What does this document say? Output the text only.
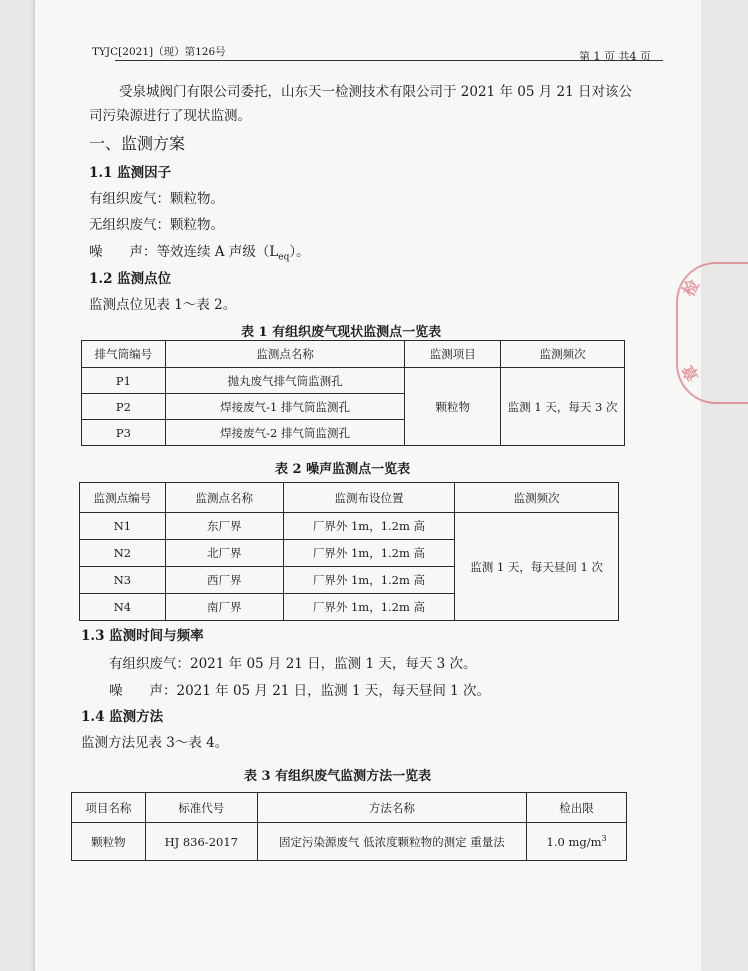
TYJC[2021]（现）第126号	第 1 页 共4 页
受泉城阀门有限公司委托，山东天一检测技术有限公司于 2021 年 05 月 21 日对该公
司污染源进行了现状监测。
一、监测方案
1.1 监测因子
有组织废气：颗粒物。
无组织废气：颗粒物。
噪　　声：等效连续 A 声级$(L_{eq})$。
1.2 监测点位
监测点位见表 1～表 2。
表 1 有组织废气现状监测点一览表
排气筒编号	监测点名称	监测项目	监测频次
P1	抛丸废气排气筒监测孔	颗粒物	监测 1 天，每天 3 次
P2	焊接废气-1 排气筒监测孔		
P3	焊接废气-2 排气筒监测孔		
表 2 噪声监测点一览表
监测点编号	监测点名称	监测布设位置	监测频次
N1	东厂界	厂界外 1m，1.2m 高	监测 1 天，每天昼间 1 次
N2	北厂界	厂界外 1m，1.2m 高	
N3	西厂界	厂界外 1m，1.2m 高	
N4	南厂界	厂界外 1m，1.2m 高	
1.3 监测时间与频率
有组织废气：2021 年 05 月 21 日，监测 1 天，每天 3 次。
噪　　声：2021 年 05 月 21 日，监测 1 天，每天昼间 1 次。
1.4 监测方法
监测方法见表 3～表 4。
表 3 有组织废气监测方法一览表
项目名称	标准代号	方法名称	检出限
颗粒物	HJ 836-2017	固定污染源废气 低浓度颗粒物的测定 重量法	1.0 $mg/m^3$
检
章
